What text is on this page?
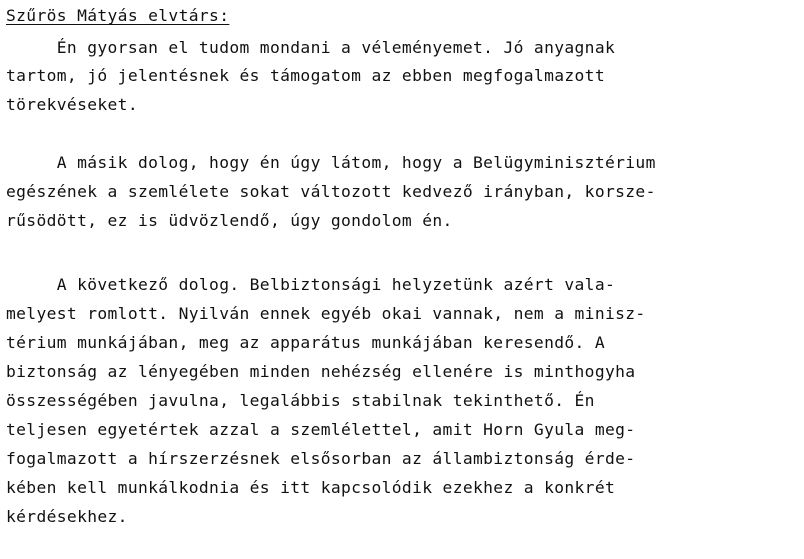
Szűrös Mátyás elvtárs:
Én gyorsan el tudom mondani a véleményemet. Jó anyagnak
tartom, jó jelentésnek és támogatom az ebben megfogalmazott
törekvéseket.
A másik dolog, hogy én úgy látom, hogy a Belügyminisztérium
egészének a szemlélete sokat változott kedvező irányban, korsze-
rűsödött, ez is üdvözlendő, úgy gondolom én.
A következő dolog. Belbiztonsági helyzetünk azért vala-
melyest romlott. Nyilván ennek egyéb okai vannak, nem a minisz-
térium munkájában, meg az apparátus munkájában keresendő. A
biztonság az lényegében minden nehézség ellenére is minthogyha
összességében javulna, legalábbis stabilnak tekinthető. Én
teljesen egyetértek azzal a szemlélettel, amit Horn Gyula meg-
fogalmazott a hírszerzésnek elsősorban az állambiztonság érde-
kében kell munkálkodnia és itt kapcsolódik ezekhez a konkrét
kérdésekhez.
